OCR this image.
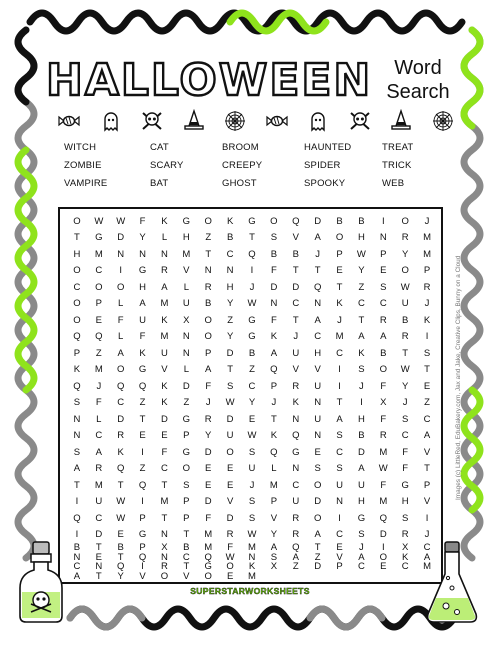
HALLOWEEN	Word
Search
WITCH	CAT	BROOM	HAUNTED	TREAT
ZOMBIE	SCARY	CREEPY	SPIDER	TRICK
VAMPIRE	BAT	GHOST	SPOOKY	WEB
O	W	W	F	K	G	O	K	G	O	Q	D	B	B	I	O	J
T	G	D	Y	L	H	Z	B	T	S	V	A	O	H	N	R	M
H	M	N	N	N	M	T	C	Q	B	B	J	P	W	P	Y	M
O	C	I	G	R	V	N	N	I	F	T	T	E	Y	E	O	P
C	O	O	H	A	L	R	H	J	D	D	Q	T	Z	S	W	R
O	P	L	A	M	U	B	Y	W	N	C	N	K	C	C	U	J
O	E	F	U	K	X	O	Z	G	F	T	A	J	T	R	B	K
Q	Q	L	F	M	N	O	Y	G	K	J	C	M	A	A	R	I
P	Z	A	K	U	N	P	D	B	A	U	H	C	K	B	T	S
K	M	O	G	V	L	A	T	Z	Q	V	V	I	S	O	W	T
Q	J	Q	Q	K	D	F	S	C	P	R	U	I	J	F	Y	E
S	F	C	Z	K	Z	J	W	Y	J	K	N	T	I	X	J	Z
N	L	D	T	D	G	R	D	E	T	N	U	A	H	F	S	C
N	C	R	E	E	P	Y	U	W	K	Q	N	S	B	R	C	A
S	A	K	I	F	G	D	O	S	Q	G	E	C	D	M	F	V
A	R	Q	Z	C	O	E	E	U	L	N	S	S	A	W	F	T
T	M	T	Q	T	S	E	E	J	M	C	O	U	U	F	G	P
I	U	W	I	M	P	D	V	S	P	U	D	N	H	M	H	V
Q	C	W	P	T	P	F	D	S	V	R	O	I	G	Q	S	I
I	D	E	G	N	T	M	R	W	Y	R	A	C	S	D	R	J
B	T	B	P	X	B	M	F	M	A	Q	T	E	J	I	X	C
N	E	T	Q	N	C	Q	W	N	S	A	Z	V	A	O	K	A
C	N	Q	I	R	T	G	O	K	X	Z	D	P	C	E	C	M
A	T	Y	V	O	V	O	E	M
SUPERSTARWORKSHEETS
Images (c) LittleRed, EduBakery.com, Jax and Jake, Creative Clips, Bunny on a Cloud
